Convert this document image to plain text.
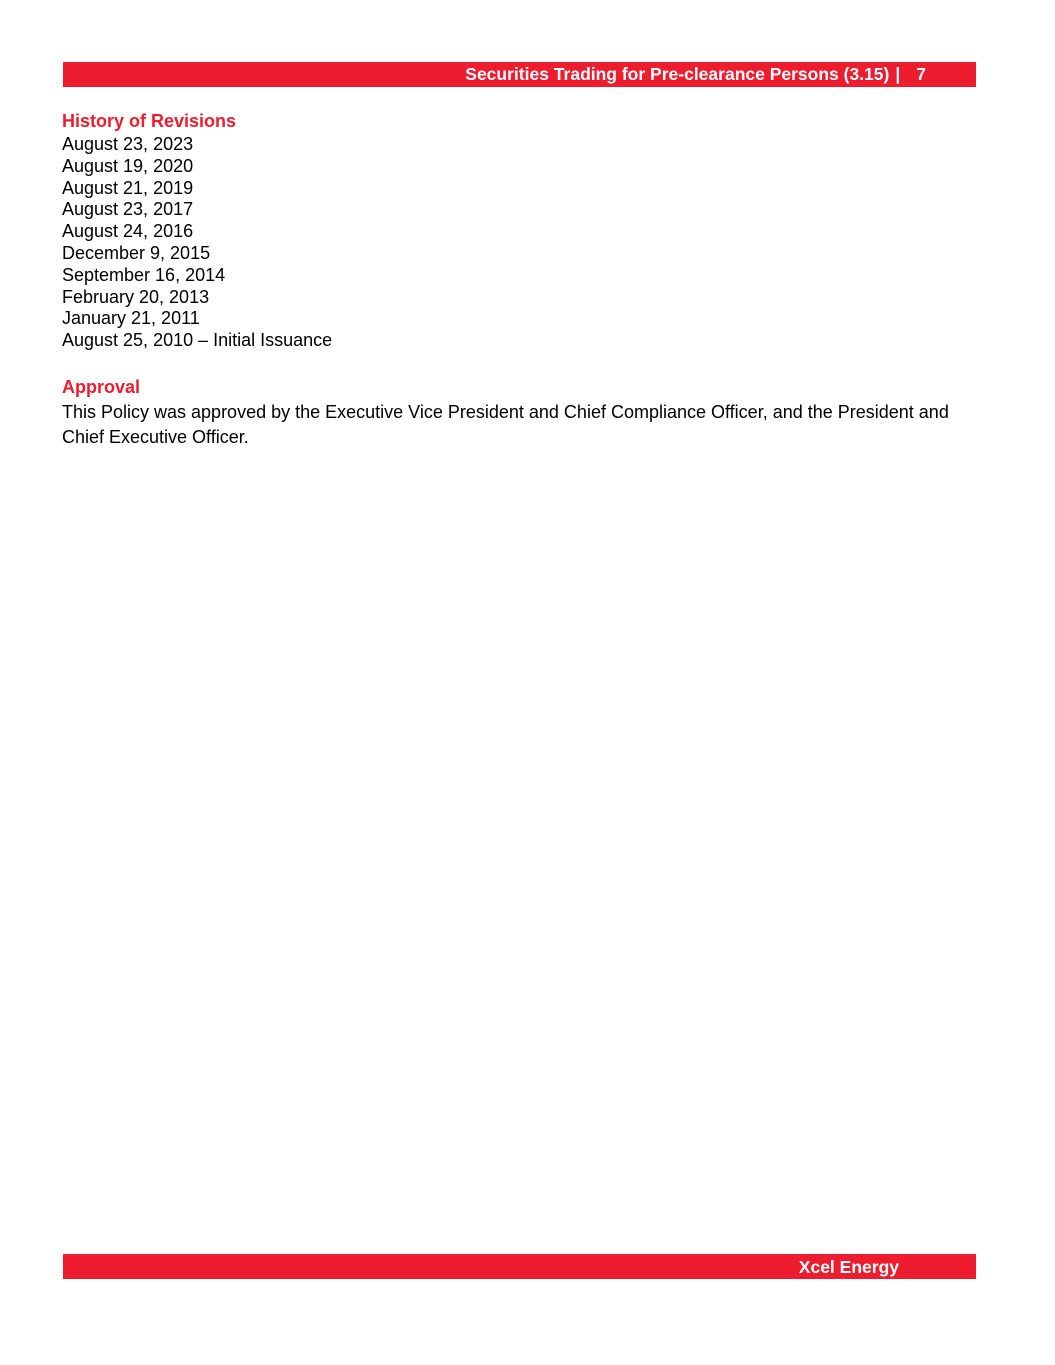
Securities Trading for Pre-clearance Persons (3.15) | 7
History of Revisions
August 23, 2023
August 19, 2020
August 21, 2019
August 23, 2017
August 24, 2016
December 9, 2015
September 16, 2014
February 20, 2013
January 21, 2011
August 25, 2010 – Initial Issuance
Approval

This Policy was approved by the Executive Vice President and Chief Compliance Officer, and the President and Chief Executive Officer.

Xcel Energy
